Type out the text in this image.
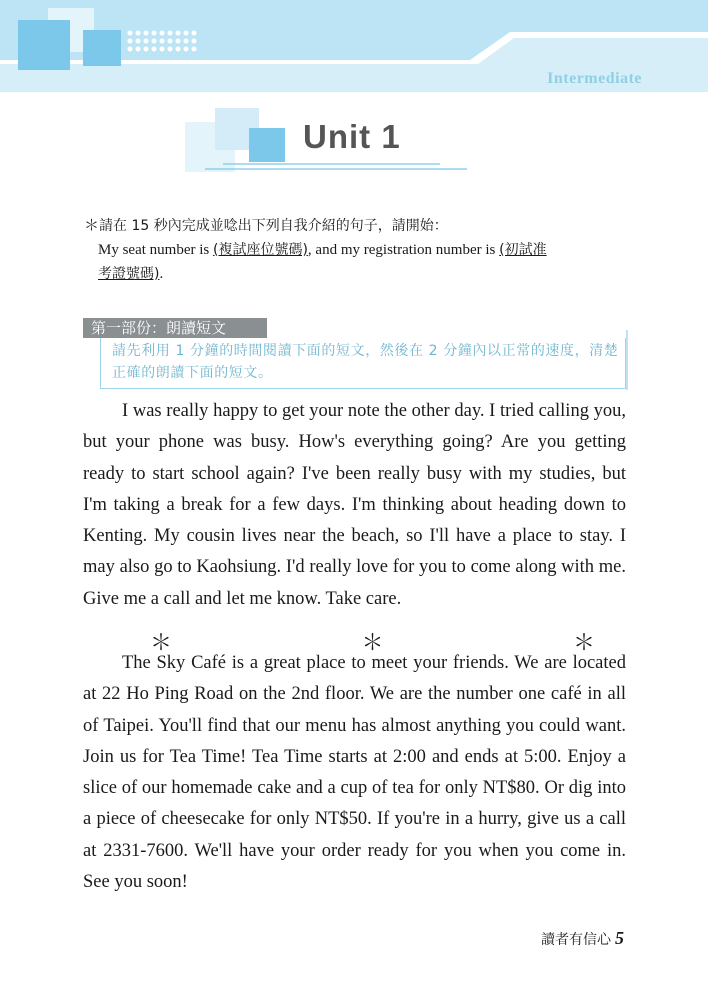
Intermediate
Unit 1
＊請在 15 秒內完成並唸出下列自我介紹的句子，請開始：
My seat number is (複試座位號碼), and my registration number is (初試准
考證號碼).
第一部份：朗讀短文
請先利用 1 分鐘的時間閱讀下面的短文，然後在 2 分鐘內以正常的速度，清楚正確的朗讀下面的短文。

I was really happy to get your note the other day. I tried calling you, but your phone was busy. How's everything going? Are you getting ready to start school again? I've been really busy with my studies, but I'm taking a break for a few days. I'm thinking about heading down to Kenting. My cousin lives near the beach, so I'll have a place to stay. I may also go to Kaohsiung. I'd really love for you to come along with me. Give me a call and let me know. Take care.

＊	＊	＊

The Sky Café is a great place to meet your friends. We are located at 22 Ho Ping Road on the 2nd floor. We are the number one café in all of Taipei. You'll find that our menu has almost anything you could want. Join us for Tea Time! Tea Time starts at 2:00 and ends at 5:00. Enjoy a slice of our homemade cake and a cup of tea for only NT$80. Or dig into a piece of cheesecake for only NT$50. If you're in a hurry, give us a call at 2331-7600. We'll have your order ready for you when you come in. See you soon!

讀者有信心 5
